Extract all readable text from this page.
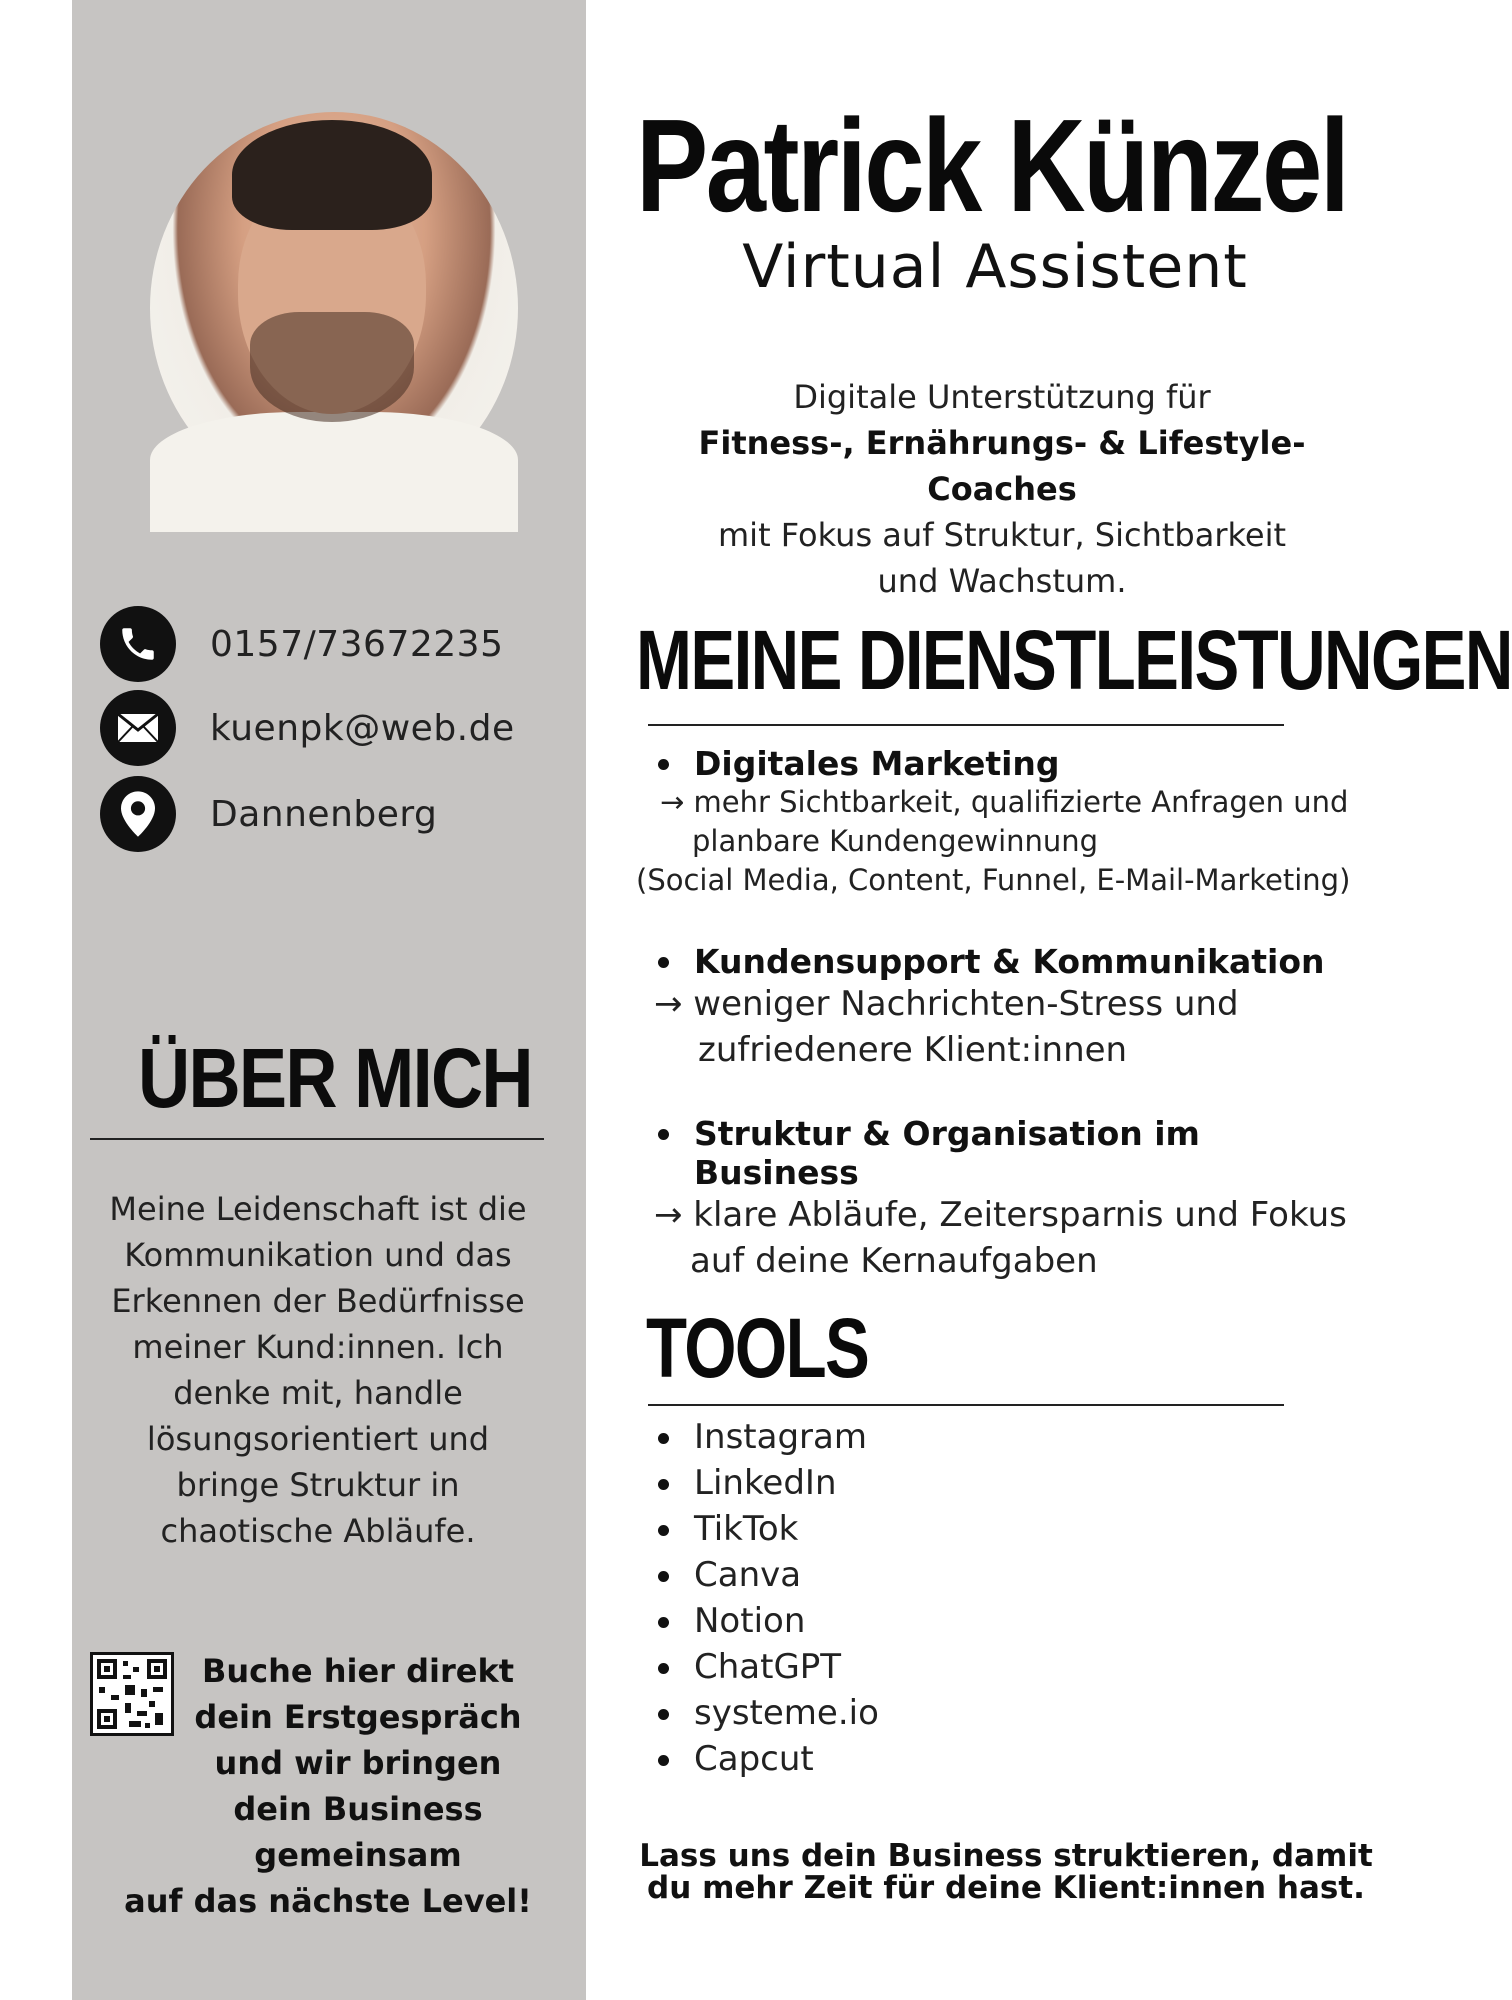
0157/73672235
kuenpk@web.de
Dannenberg
ÜBER MICH
Meine Leidenschaft ist die Kommunikation und das Erkennen der Bedürfnisse meiner Kund:innen. Ich denke mit, handle lösungsorientiert und bringe Struktur in chaotische Abläufe.
Buche hier direkt
dein Erstgespräch
und wir bringen
dein Business
gemeinsam
auf das nächste Level!
Patrick Künzel
Virtual Assistent
Digitale Unterstützung für
Fitness-, Ernährungs- & Lifestyle-Coaches
mit Fokus auf Struktur, Sichtbarkeit und Wachstum.
MEINE DIENSTLEISTUNGEN
Digitales Marketing
→ mehr Sichtbarkeit, qualifizierte Anfragen und
planbare Kundengewinnung
(Social Media, Content, Funnel, E-Mail-Marketing)
Kundensupport & Kommunikation
→ weniger Nachrichten-Stress und
zufriedenere Klient:innen
Struktur & Organisation im Business
→ klare Abläufe, Zeitersparnis und Fokus
auf deine Kernaufgaben
TOOLS
Instagram
LinkedIn
TikTok
Canva
Notion
ChatGPT
systeme.io
Capcut
Lass uns dein Business struktieren, damit
du mehr Zeit für deine Klient:innen hast.
